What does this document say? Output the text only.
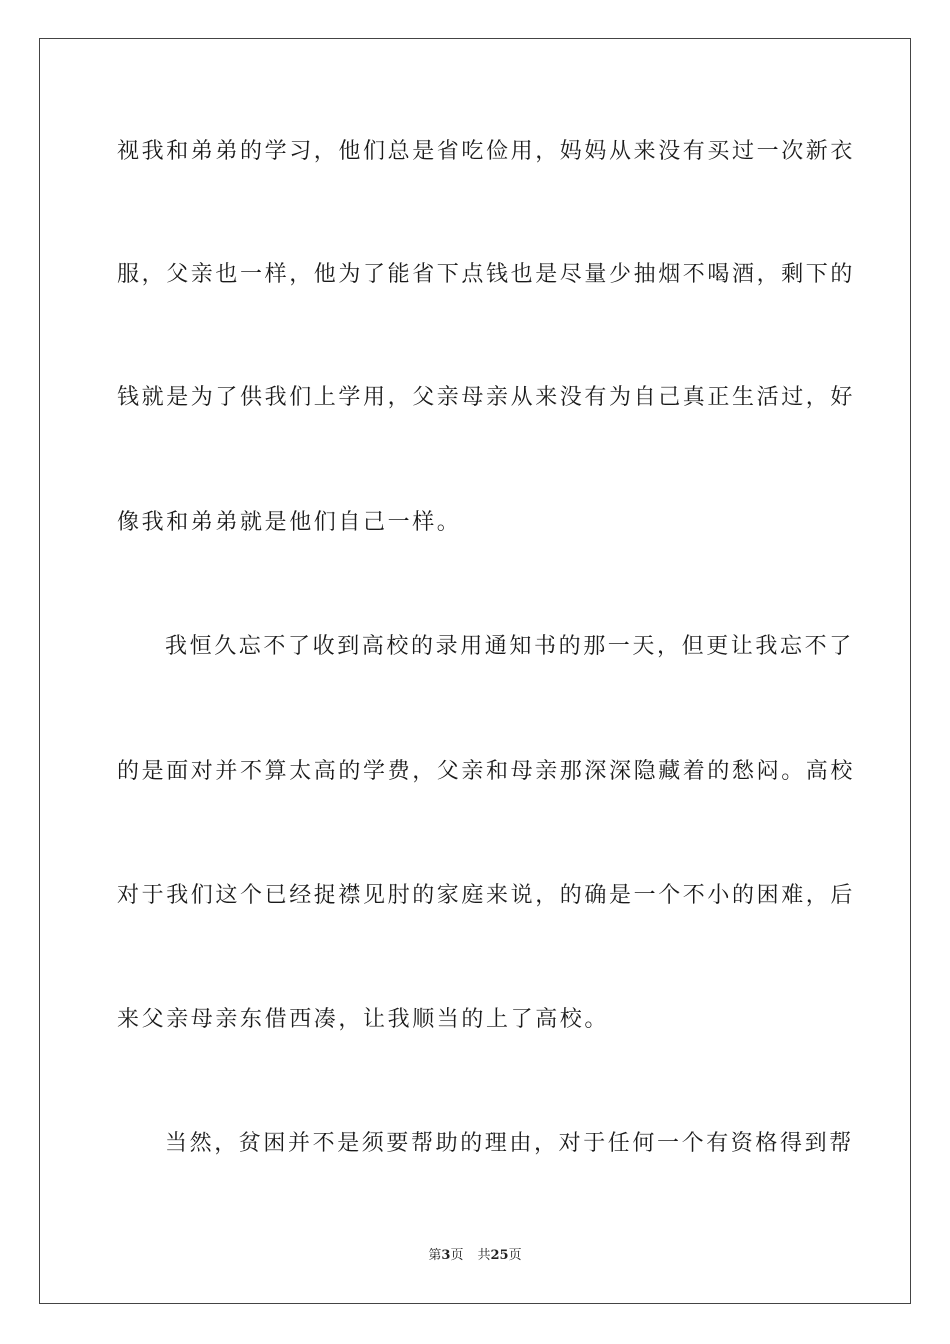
视我和弟弟的学习，他们总是省吃俭用，妈妈从来没有买过一次新衣
服，父亲也一样，他为了能省下点钱也是尽量少抽烟不喝酒，剩下的
钱就是为了供我们上学用，父亲母亲从来没有为自己真正生活过，好
像我和弟弟就是他们自己一样。
我恒久忘不了收到高校的录用通知书的那一天，但更让我忘不了
的是面对并不算太高的学费，父亲和母亲那深深隐藏着的愁闷。高校
对于我们这个已经捉襟见肘的家庭来说，的确是一个不小的困难，后
来父亲母亲东借西凑，让我顺当的上了高校。
当然，贫困并不是须要帮助的理由，对于任何一个有资格得到帮
第3页 共25页
